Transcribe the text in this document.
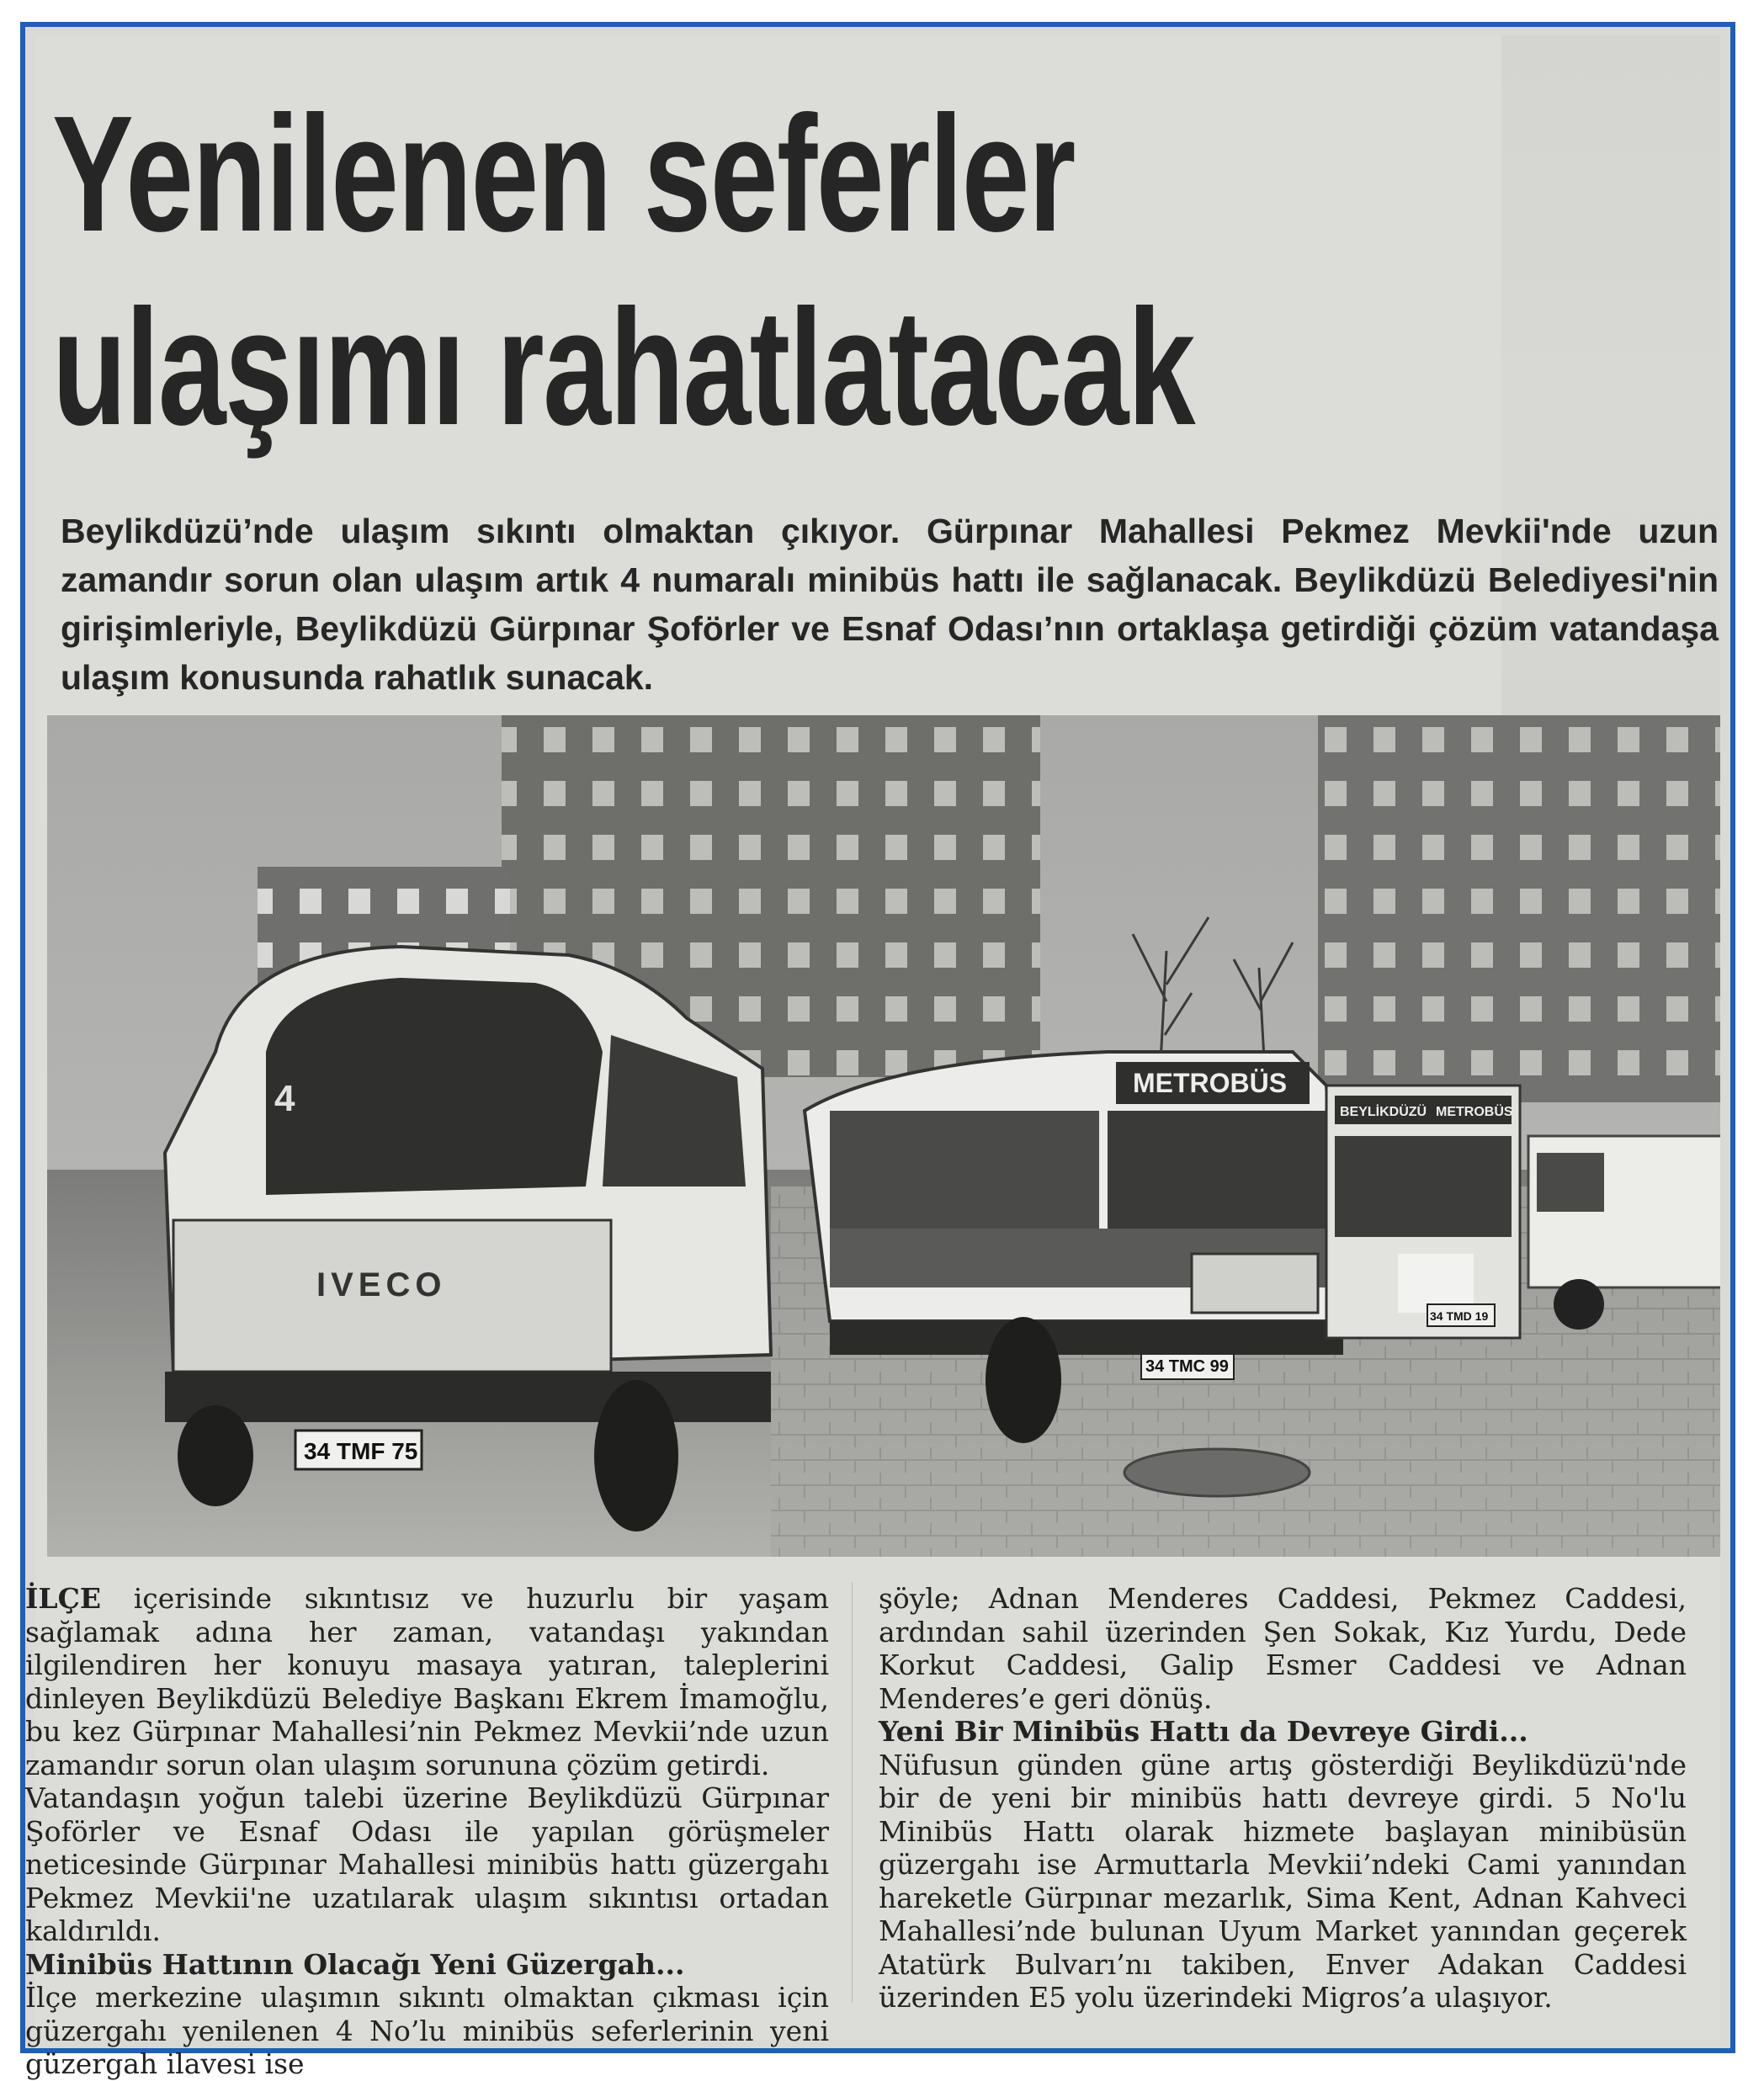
Yenilenen seferler
ulaşımı rahatlatacak

Beylikdüzü’nde ulaşım sıkıntı olmaktan çıkıyor. Gürpınar Mahallesi Pekmez Mevkii'nde uzun zamandır sorun olan ulaşım artık 4 numaralı minibüs hattı ile sağlanacak. Beylikdüzü Belediyesi'nin girişimleriyle, Beylikdüzü Gürpınar Şoförler ve Esnaf Odası’nın ortaklaşa getirdiği çözüm vatandaşa ulaşım konusunda rahatlık sunacak.

4
IVECO
34 TMF 75
METROBÜS
34 TMC 99
BEYLİKDÜZÜ METROBÜS
34 TMD 19

İLÇE içerisinde sıkıntısız ve huzurlu bir yaşam sağlamak adına her zaman, vatandaşı yakından ilgilendiren her konuyu masaya yatıran, taleplerini dinleyen Beylikdüzü Belediye Başkanı Ekrem İmamoğlu, bu kez Gürpınar Mahallesi’nin Pekmez Mevkii’nde uzun zamandır sorun olan ulaşım sorununa çözüm getirdi.

Vatandaşın yoğun talebi üzerine Beylikdüzü Gürpınar Şoförler ve Esnaf Odası ile yapılan görüşmeler neticesinde Gürpınar Mahallesi minibüs hattı güzergahı Pekmez Mevkii'ne uzatılarak ulaşım sıkıntısı ortadan kaldırıldı.

Minibüs Hattının Olacağı Yeni Güzergah...

İlçe merkezine ulaşımın sıkıntı olmaktan çıkması için güzergahı yenilenen 4 No’lu minibüs seferlerinin yeni güzergah ilavesi ise

şöyle; Adnan Menderes Caddesi, Pekmez Caddesi, ardından sahil üzerinden Şen Sokak, Kız Yurdu, Dede Korkut Caddesi, Galip Esmer Caddesi ve Adnan Menderes’e geri dönüş.

Yeni Bir Minibüs Hattı da Devreye Girdi...

Nüfusun günden güne artış gösterdiği Beylikdüzü'nde bir de yeni bir minibüs hattı devreye girdi. 5 No'lu Minibüs Hattı olarak hizmete başlayan minibüsün güzergahı ise Armuttarla Mevkii’ndeki Cami yanından hareketle Gürpınar mezarlık, Sima Kent, Adnan Kahveci Mahallesi’nde bulunan Uyum Market yanından geçerek Atatürk Bulvarı’nı takiben, Enver Adakan Caddesi üzerinden E5 yolu üzerindeki Migros’a ulaşıyor.
